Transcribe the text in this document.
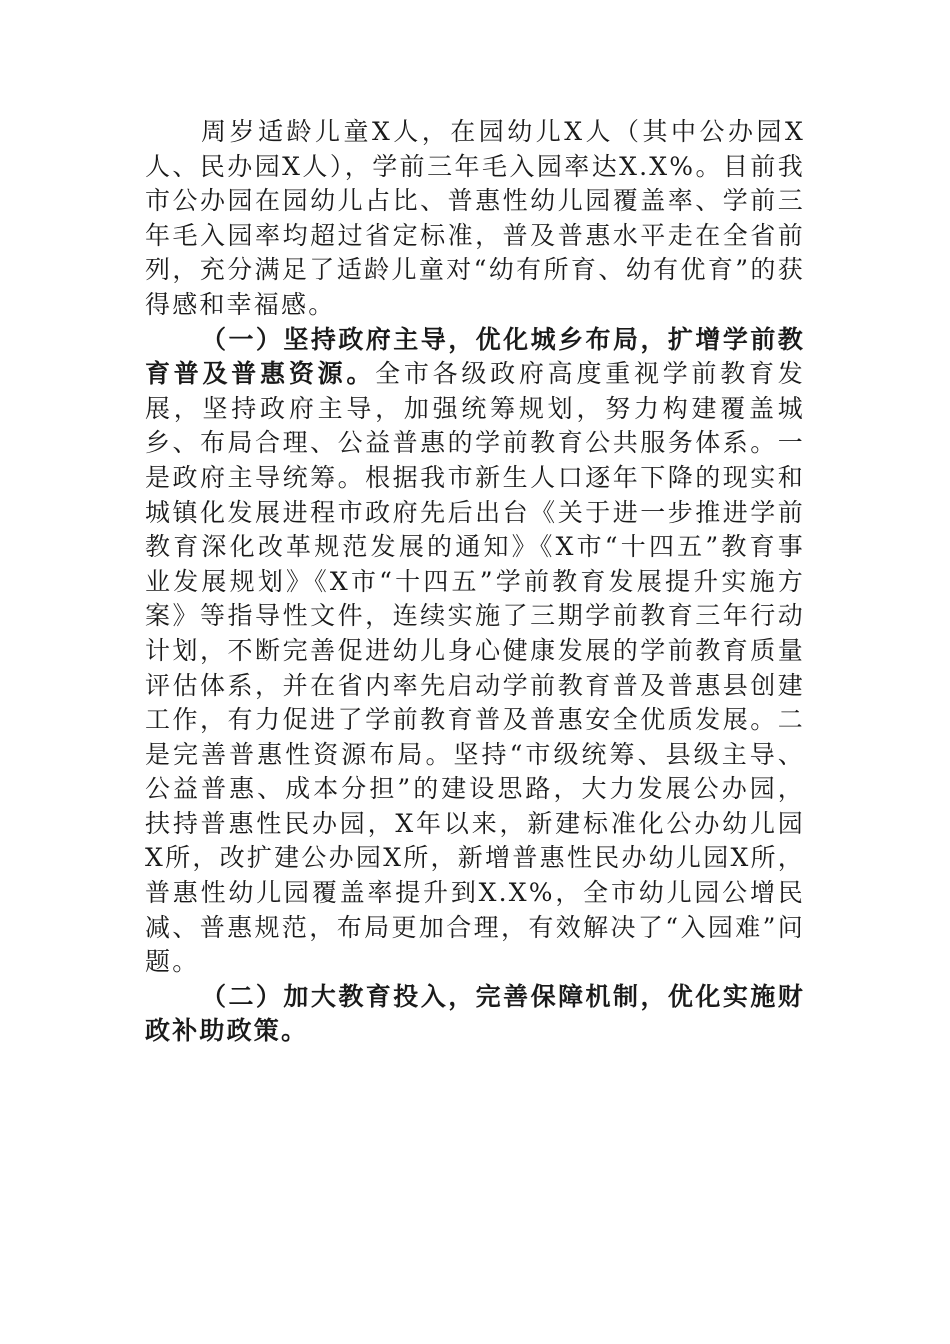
周岁适龄儿童X人，在园幼儿X人（其中公办园X人、民办园X人），学前三年毛入园率达X.X%。目前我市公办园在园幼儿占比、普惠性幼儿园覆盖率、学前三年毛入园率均超过省定标准，普及普惠水平走在全省前列，充分满足了适龄儿童对“幼有所育、幼有优育”的获得感和幸福感。

（一）坚持政府主导，优化城乡布局，扩增学前教育普及普惠资源。全市各级政府高度重视学前教育发展，坚持政府主导，加强统筹规划，努力构建覆盖城乡、布局合理、公益普惠的学前教育公共服务体系。一是政府主导统筹。根据我市新生人口逐年下降的现实和城镇化发展进程市政府先后出台《关于进一步推进学前教育深化改革规范发展的通知》《X市“十四五”教育事业发展规划》《X市“十四五”学前教育发展提升实施方案》等指导性文件，连续实施了三期学前教育三年行动计划，不断完善促进幼儿身心健康发展的学前教育质量评估体系，并在省内率先启动学前教育普及普惠县创建工作，有力促进了学前教育普及普惠安全优质发展。二是完善普惠性资源布局。坚持“市级统筹、县级主导、公益普惠、成本分担”的建设思路，大力发展公办园，扶持普惠性民办园，X年以来，新建标准化公办幼儿园X所，改扩建公办园X所，新增普惠性民办幼儿园X所，普惠性幼儿园覆盖率提升到X.X%，全市幼儿园公增民减、普惠规范，布局更加合理，有效解决了“入园难”问题。

（二）加大教育投入，完善保障机制，优化实施财政补助政策。
